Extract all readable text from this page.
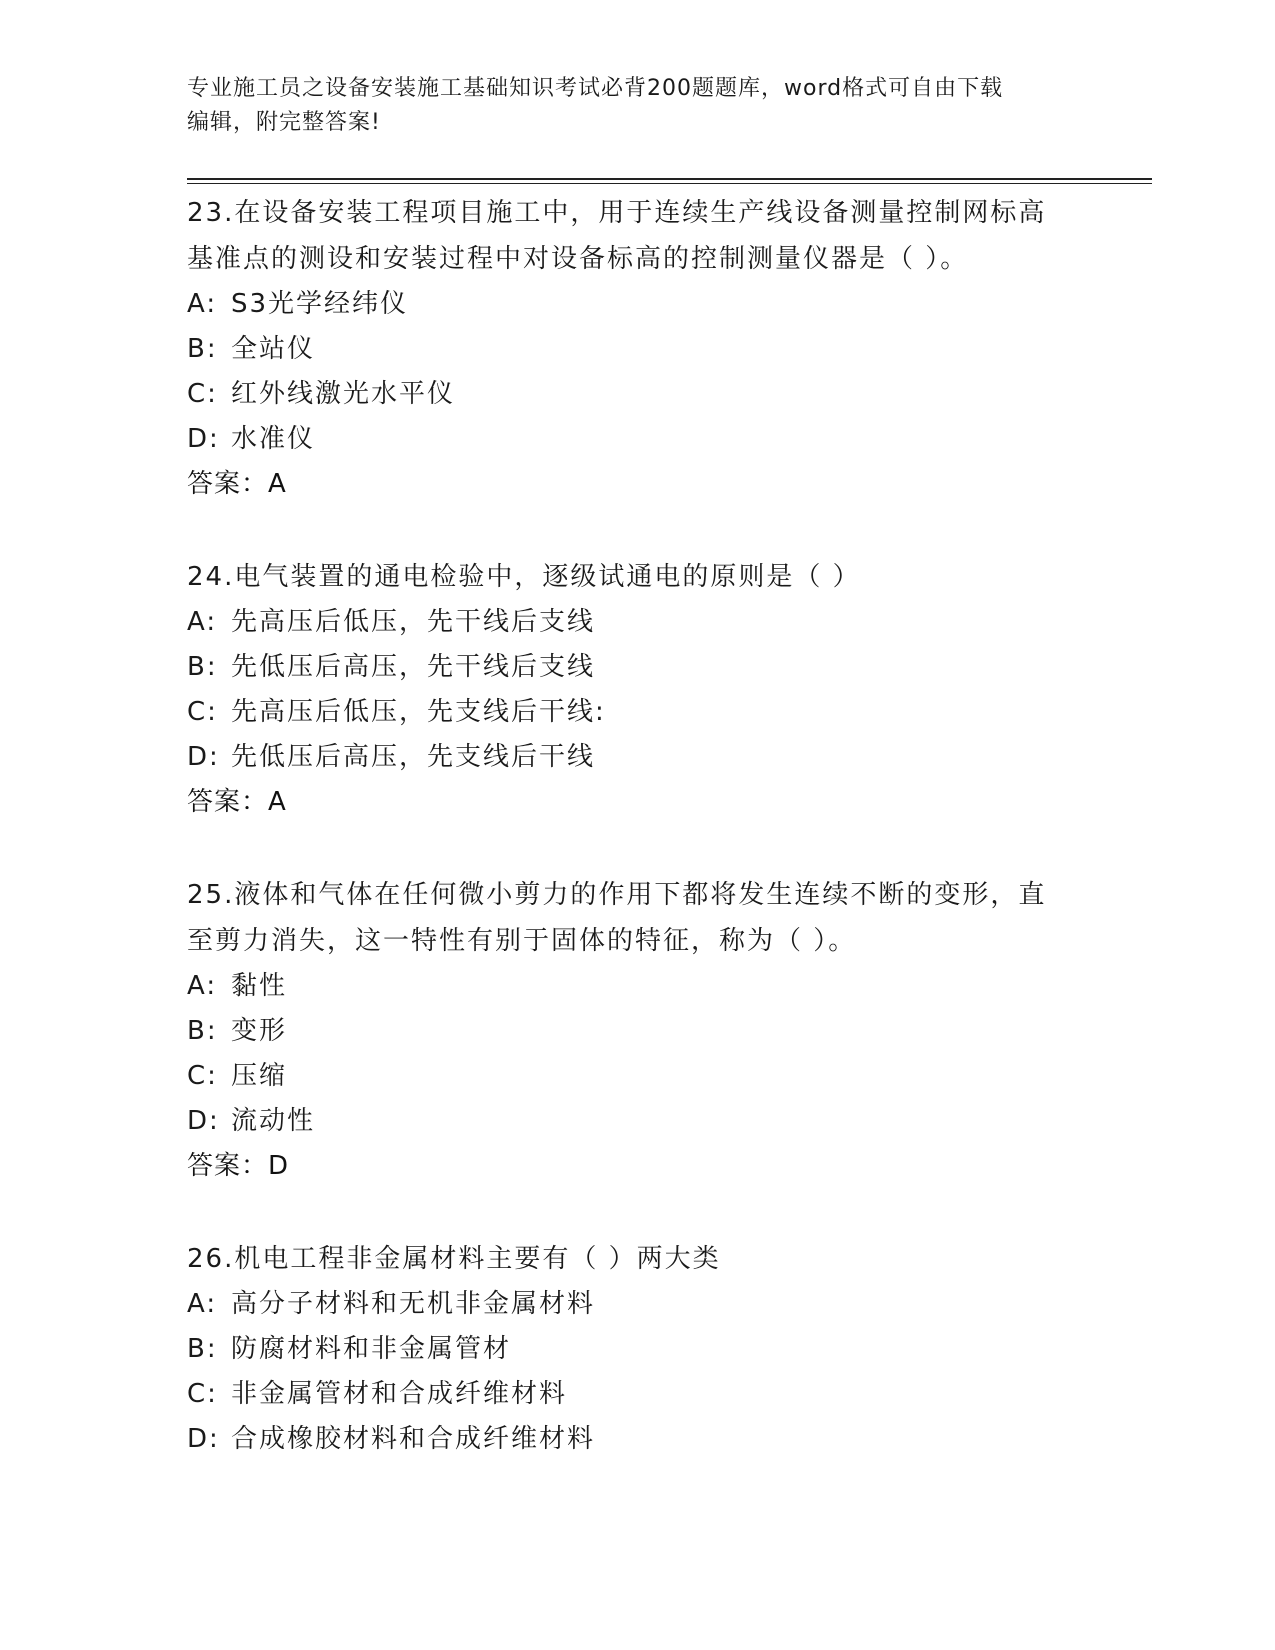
专业施工员之设备安装施工基础知识考试必背200题题库，word格式可自由下载
编辑，附完整答案!
23.在设备安装工程项目施工中，用于连续生产线设备测量控制网标高
基准点的测设和安装过程中对设备标高的控制测量仪器是（ ）。
A: S3光学经纬仪
B: 全站仪
C: 红外线激光水平仪
D: 水准仪
答案：A
24.电气装置的通电检验中，逐级试通电的原则是（ ）
A: 先高压后低压，先干线后支线
B: 先低压后高压，先干线后支线
C: 先高压后低压，先支线后干线:
D: 先低压后高压，先支线后干线
答案：A
25.液体和气体在任何微小剪力的作用下都将发生连续不断的变形，直
至剪力消失，这一特性有别于固体的特征，称为（ ）。
A: 黏性
B: 变形
C: 压缩
D: 流动性
答案：D
26.机电工程非金属材料主要有（ ）两大类
A: 高分子材料和无机非金属材料
B: 防腐材料和非金属管材
C: 非金属管材和合成纤维材料
D: 合成橡胶材料和合成纤维材料
